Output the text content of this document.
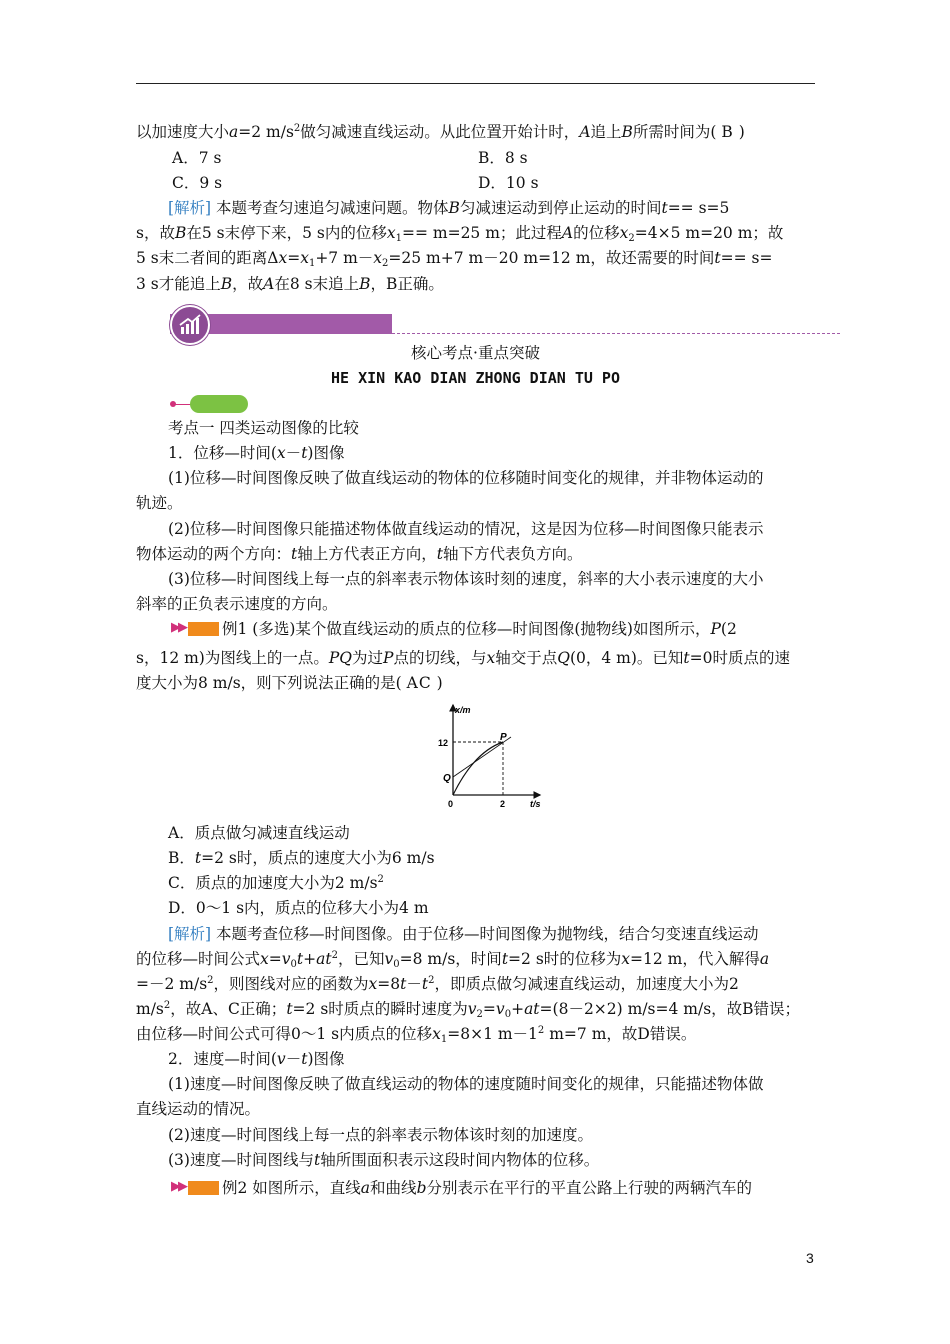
以加速度大小a=2 $m/s^2$做匀减速直线运动。从此位置开始计时，A追上B所需时间为( B )
A．7 s	B．8 s
C．9 s	D．10 s
[解析] 本题考查匀速追匀减速问题。物体B匀减速运动到停止运动的时间t== s=5
s，故B在5 s末停下来，5 s内的位移$x_1== m=25$ m；此过程A的位移$x_2=4\times 5$ m=20 m；故
5 s末二者间的距离$\Delta x=x_1+7$ $m-x_2=25$ m+7 m－20 m=12 m，故还需要的时间t== s=
3 s才能追上B，故A在8 s末追上B，B正确。
核心考点·重点突破
HE XIN KAO DIAN ZHONG DIAN TU PO
考点一 四类运动图像的比较
1．位移—时间(x－t)图像
(1)位移—时间图像反映了做直线运动的物体的位移随时间变化的规律，并非物体运动的
轨迹。
(2)位移—时间图像只能描述物体做直线运动的情况，这是因为位移—时间图像只能表示
物体运动的两个方向：t轴上方代表正方向，t轴下方代表负方向。
(3)位移—时间图线上每一点的斜率表示物体该时刻的速度，斜率的大小表示速度的大小
斜率的正负表示速度的方向。
▶▶ 例1 (多选)某个做直线运动的质点的位移—时间图像(抛物线)如图所示，P(2
s，12 m)为图线上的一点。PQ为过P点的切线，与x轴交于点Q(0，4 m)。已知t=0时质点的速
度大小为8 m/s，则下列说法正确的是( AC )
x/m
12	P
Q
0	2	t/s
A．质点做匀减速直线运动
B．t=2 s时，质点的速度大小为6 m/s
C．质点的加速度大小为2 $m/s^2$
D．0～1 s内，质点的位移大小为4 m
[解析] 本题考查位移—时间图像。由于位移—时间图像为抛物线，结合匀变速直线运动
的位移—时间公式$x=v_0t+at^2$，已知$v_0=8$ m/s，时间t=2 s时的位移为x=12 m，代入解得a
=－2 $m/s^2$，则图线对应的函数为$x=8t-t^2$，即质点做匀减速直线运动，加速度大小为2
$m/s^2$，故A、C正确；t=2 s时质点的瞬时速度为$v_2=v_0+at=(8-2\times 2)$ m/s=4 m/s，故B错误；
由位移—时间公式可得0～1 s内质点的位移$x_1=8\times 1$ $m-1^2$ m=7 m，故D错误。
2．速度—时间(v－t)图像
(1)速度—时间图像反映了做直线运动的物体的速度随时间变化的规律，只能描述物体做
直线运动的情况。
(2)速度—时间图线上每一点的斜率表示物体该时刻的加速度。
(3)速度—时间图线与t轴所围面积表示这段时间内物体的位移。
▶▶ 例2 如图所示，直线a和曲线b分别表示在平行的平直公路上行驶的两辆汽车的
3
